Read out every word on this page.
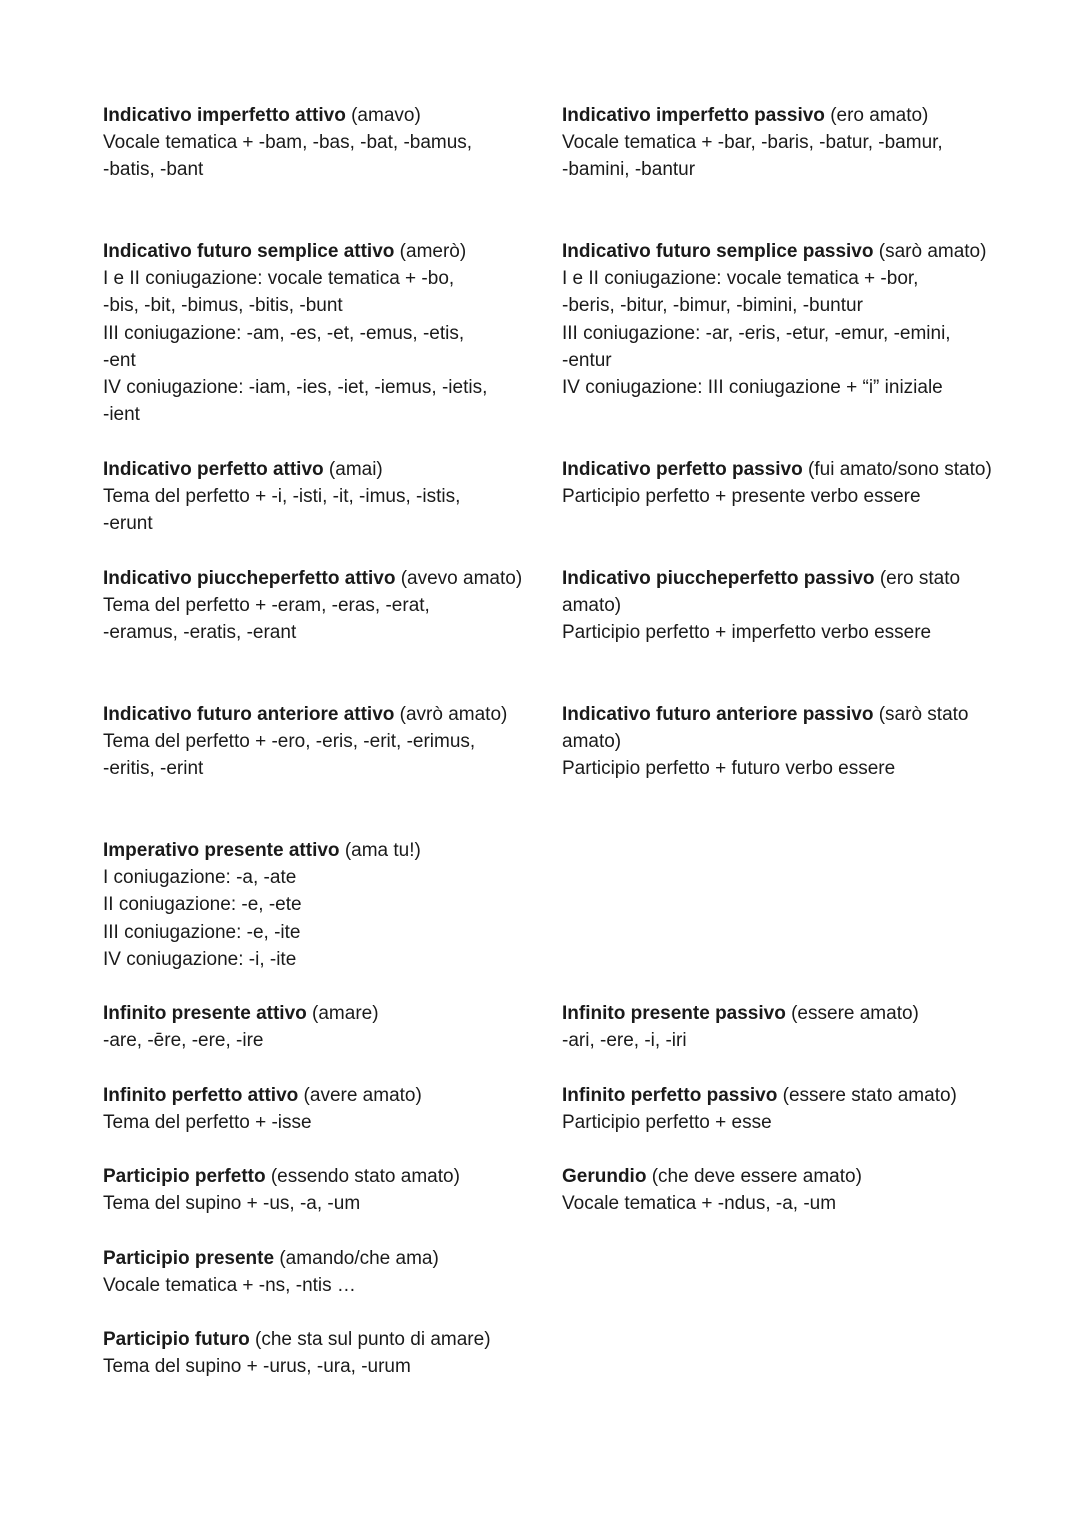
Indicativo imperfetto attivo (amavo)

Vocale tematica + -bam, -bas, -bat, -bamus,

-batis, -bant

Indicativo futuro semplice attivo (amerò)

I e II coniugazione: vocale tematica + -bo,

-bis, -bit, -bimus, -bitis, -bunt

III coniugazione: -am, -es, -et, -emus, -etis,

-ent

IV coniugazione: -iam, -ies, -iet, -iemus, -ietis,

-ient

Indicativo perfetto attivo (amai)

Tema del perfetto + -i, -isti, -it, -imus, -istis,

-erunt

Indicativo piuccheperfetto attivo (avevo amato)

Tema del perfetto + -eram, -eras, -erat,

-eramus, -eratis, -erant

Indicativo futuro anteriore attivo (avrò amato)

Tema del perfetto + -ero, -eris, -erit, -erimus,

-eritis, -erint

Imperativo presente attivo (ama tu!)

I coniugazione: -a, -ate

II coniugazione: -e, -ete

III coniugazione: -e, -ite

IV coniugazione: -i, -ite

Infinito presente attivo (amare)

-are, -ēre, -ere, -ire

Infinito perfetto attivo (avere amato)

Tema del perfetto + -isse

Participio perfetto (essendo stato amato)

Tema del supino + -us, -a, -um

Participio presente (amando/che ama)

Vocale tematica + -ns, -ntis …

Participio futuro (che sta sul punto di amare)

Tema del supino + -urus, -ura, -urum

Indicativo imperfetto passivo (ero amato)

Vocale tematica + -bar, -baris, -batur, -bamur,

-bamini, -bantur

Indicativo futuro semplice passivo (sarò amato)

I e II coniugazione: vocale tematica + -bor,

-beris, -bitur, -bimur, -bimini, -buntur

III coniugazione: -ar, -eris, -etur, -emur, -emini,

-entur

IV coniugazione: III coniugazione + “i” iniziale

Indicativo perfetto passivo (fui amato/sono stato)

Participio perfetto + presente verbo essere

Indicativo piuccheperfetto passivo (ero stato amato)

Participio perfetto + imperfetto verbo essere

Indicativo futuro anteriore passivo (sarò stato amato)

Participio perfetto + futuro verbo essere

Infinito presente passivo (essere amato)

-ari, -ere, -i, -iri

Infinito perfetto passivo (essere stato amato)

Participio perfetto + esse

Gerundio (che deve essere amato)

Vocale tematica + -ndus, -a, -um
